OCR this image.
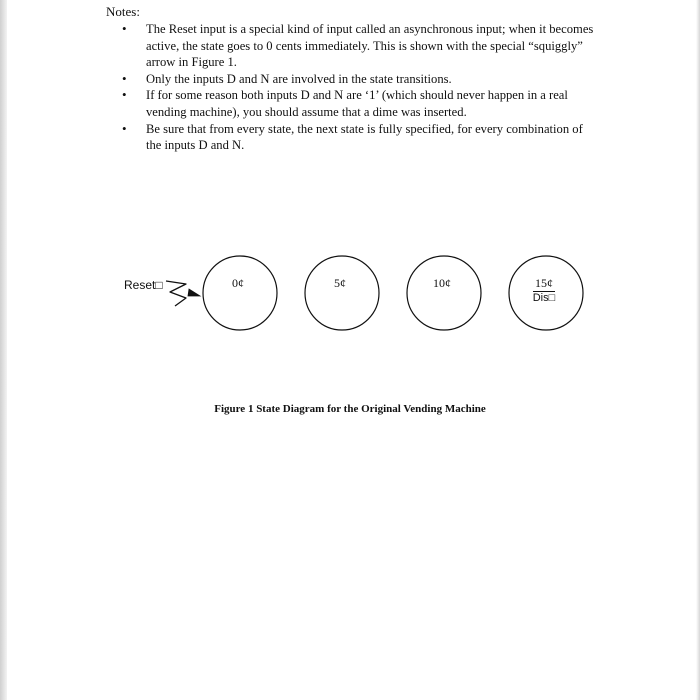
Notes:
• The Reset input is a special kind of input called an asynchronous input; when it becomes active, the state goes to 0 cents immediately. This is shown with the special “squiggly” arrow in Figure 1.
• Only the inputs D and N are involved in the state transitions.
• If for some reason both inputs D and N are ‘1’ (which should never happen in a real vending machine), you should assume that a dime was inserted.
• Be sure that from every state, the next state is fully specified, for every combination of the inputs D and N.
Reset□	0¢	5¢	10¢	15¢
Dis□
Figure 1 State Diagram for the Original Vending Machine
